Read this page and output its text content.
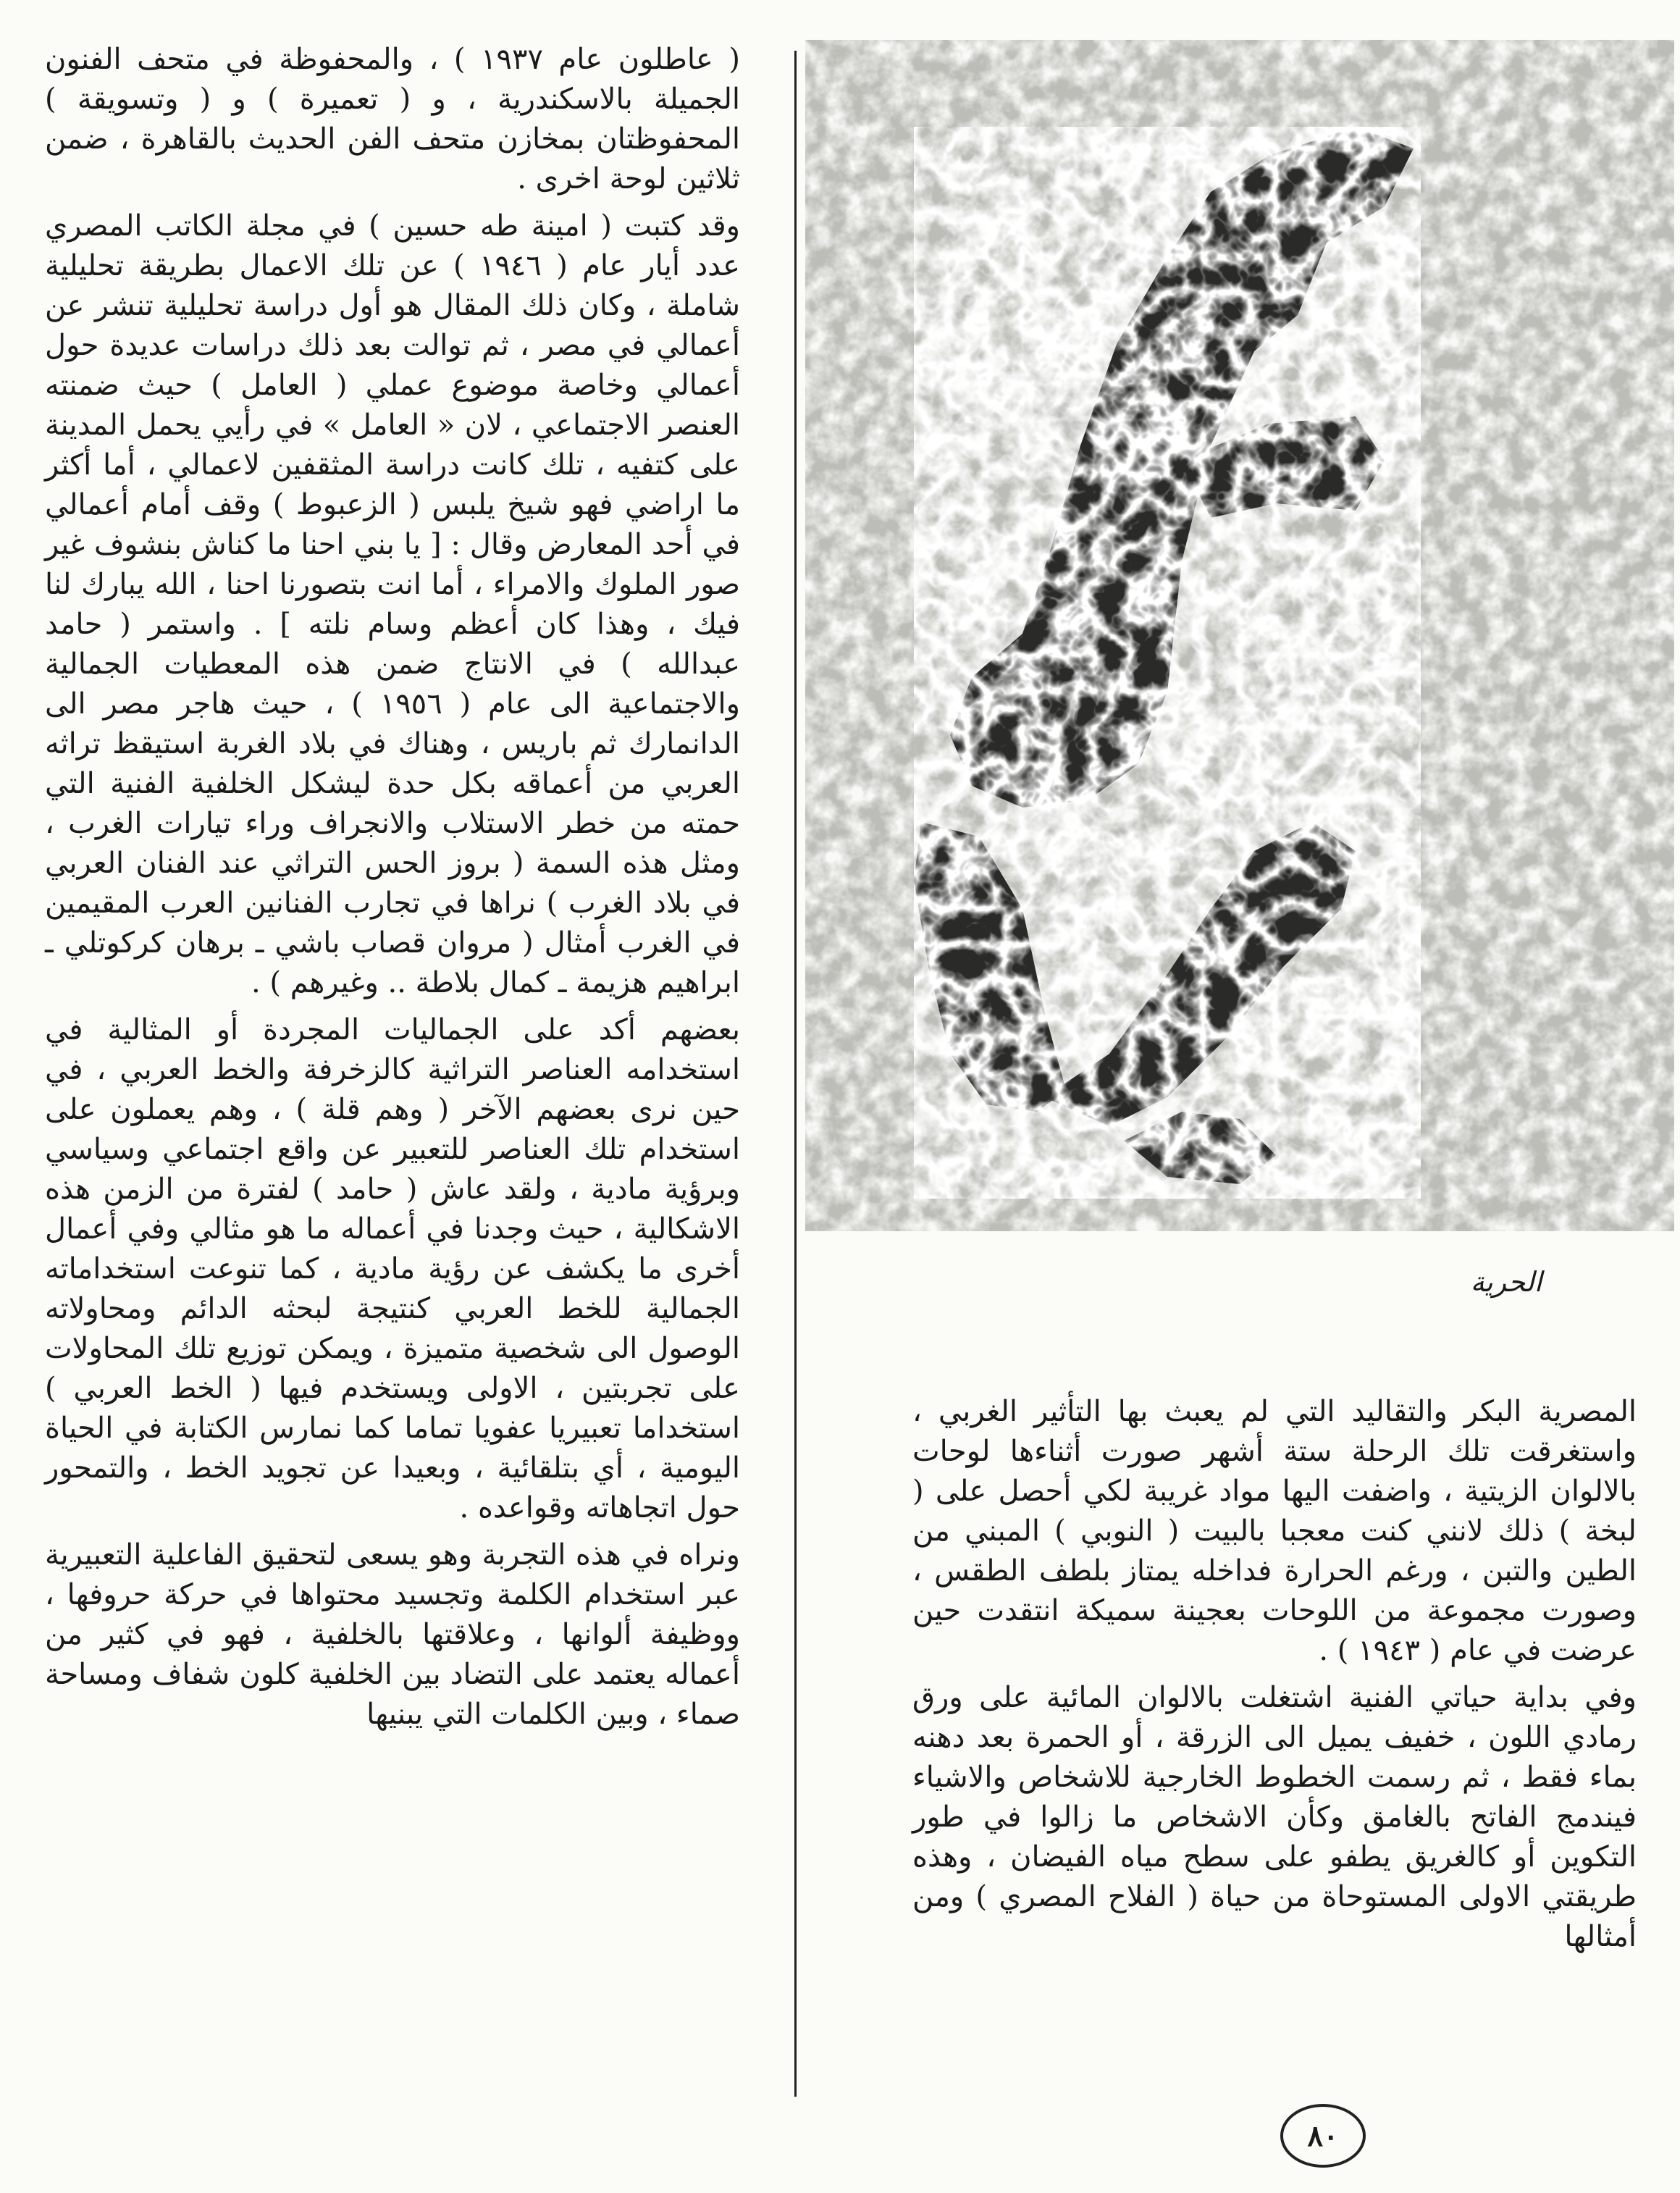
( عاطلون عام ١٩٣٧ ) ، والمحفوظة في متحف الفنون الجميلة بالاسكندرية ، و ( تعميرة ) و ( وتسويقة ) المحفوظتان بمخازن متحف الفن الحديث بالقاهرة ، ضمن ثلاثين لوحة اخرى .

وقد كتبت ( امينة طه حسين ) في مجلة الكاتب المصري عدد أيار عام ( ١٩٤٦ ) عن تلك الاعمال بطريقة تحليلية شاملة ، وكان ذلك المقال هو أول دراسة تحليلية تنشر عن أعمالي في مصر ، ثم توالت بعد ذلك دراسات عديدة حول أعمالي وخاصة موضوع عملي ( العامل ) حيث ضمنته العنصر الاجتماعي ، لان « العامل » في رأيي يحمل المدينة على كتفيه ، تلك كانت دراسة المثقفين لاعمالي ، أما أكثر ما اراضي فهو شيخ يلبس ( الزعبوط ) وقف أمام أعمالي في أحد المعارض وقال : [ يا بني احنا ما كناش بنشوف غير صور الملوك والامراء ، أما انت بتصورنا احنا ، الله يبارك لنا فيك ، وهذا كان أعظم وسام نلته ] . واستمر ( حامد عبدالله ) في الانتاج ضمن هذه المعطيات الجمالية والاجتماعية الى عام ( ١٩٥٦ ) ، حيث هاجر مصر الى الدانمارك ثم باريس ، وهناك في بلاد الغربة استيقظ تراثه العربي من أعماقه بكل حدة ليشكل الخلفية الفنية التي حمته من خطر الاستلاب والانجراف وراء تيارات الغرب ، ومثل هذه السمة ( بروز الحس التراثي عند الفنان العربي في بلاد الغرب ) نراها في تجارب الفنانين العرب المقيمين في الغرب أمثال ( مروان قصاب باشي ـ برهان كركوتلي ـ ابراهيم هزيمة ـ كمال بلاطة .. وغيرهم ) .

بعضهم أكد على الجماليات المجردة أو المثالية في استخدامه العناصر التراثية كالزخرفة والخط العربي ، في حين نرى بعضهم الآخر ( وهم قلة ) ، وهم يعملون على استخدام تلك العناصر للتعبير عن واقع اجتماعي وسياسي وبرؤية مادية ، ولقد عاش ( حامد ) لفترة من الزمن هذه الاشكالية ، حيث وجدنا في أعماله ما هو مثالي وفي أعمال أخرى ما يكشف عن رؤية مادية ، كما تنوعت استخداماته الجمالية للخط العربي كنتيجة لبحثه الدائم ومحاولاته الوصول الى شخصية متميزة ، ويمكن توزيع تلك المحاولات على تجربتين ، الاولى ويستخدم فيها ( الخط العربي ) استخداما تعبيريا عفويا تماما كما نمارس الكتابة في الحياة اليومية ، أي بتلقائية ، وبعيدا عن تجويد الخط ، والتمحور حول اتجاهاته وقواعده .

ونراه في هذه التجربة وهو يسعى لتحقيق الفاعلية التعبيرية عبر استخدام الكلمة وتجسيد محتواها في حركة حروفها ، ووظيفة ألوانها ، وعلاقتها بالخلفية ، فهو في كثير من أعماله يعتمد على التضاد بين الخلفية كلون شفاف ومساحة صماء ، وبين الكلمات التي يبنيها

الحرية

المصرية البكر والتقاليد التي لم يعبث بها التأثير الغربي ، واستغرقت تلك الرحلة ستة أشهر صورت أثناءها لوحات بالالوان الزيتية ، واضفت اليها مواد غريبة لكي أحصل على ( لبخة ) ذلك لانني كنت معجبا بالبيت ( النوبي ) المبني من الطين والتبن ، ورغم الحرارة فداخله يمتاز بلطف الطقس ، وصورت مجموعة من اللوحات بعجينة سميكة انتقدت حين عرضت في عام ( ١٩٤٣ ) .

وفي بداية حياتي الفنية اشتغلت بالالوان المائية على ورق رمادي اللون ، خفيف يميل الى الزرقة ، أو الحمرة بعد دهنه بماء فقط ، ثم رسمت الخطوط الخارجية للاشخاص والاشياء فيندمج الفاتح بالغامق وكأن الاشخاص ما زالوا في طور التكوين أو كالغريق يطفو على سطح مياه الفيضان ، وهذه طريقتي الاولى المستوحاة من حياة ( الفلاح المصري ) ومن أمثالها

٨٠
